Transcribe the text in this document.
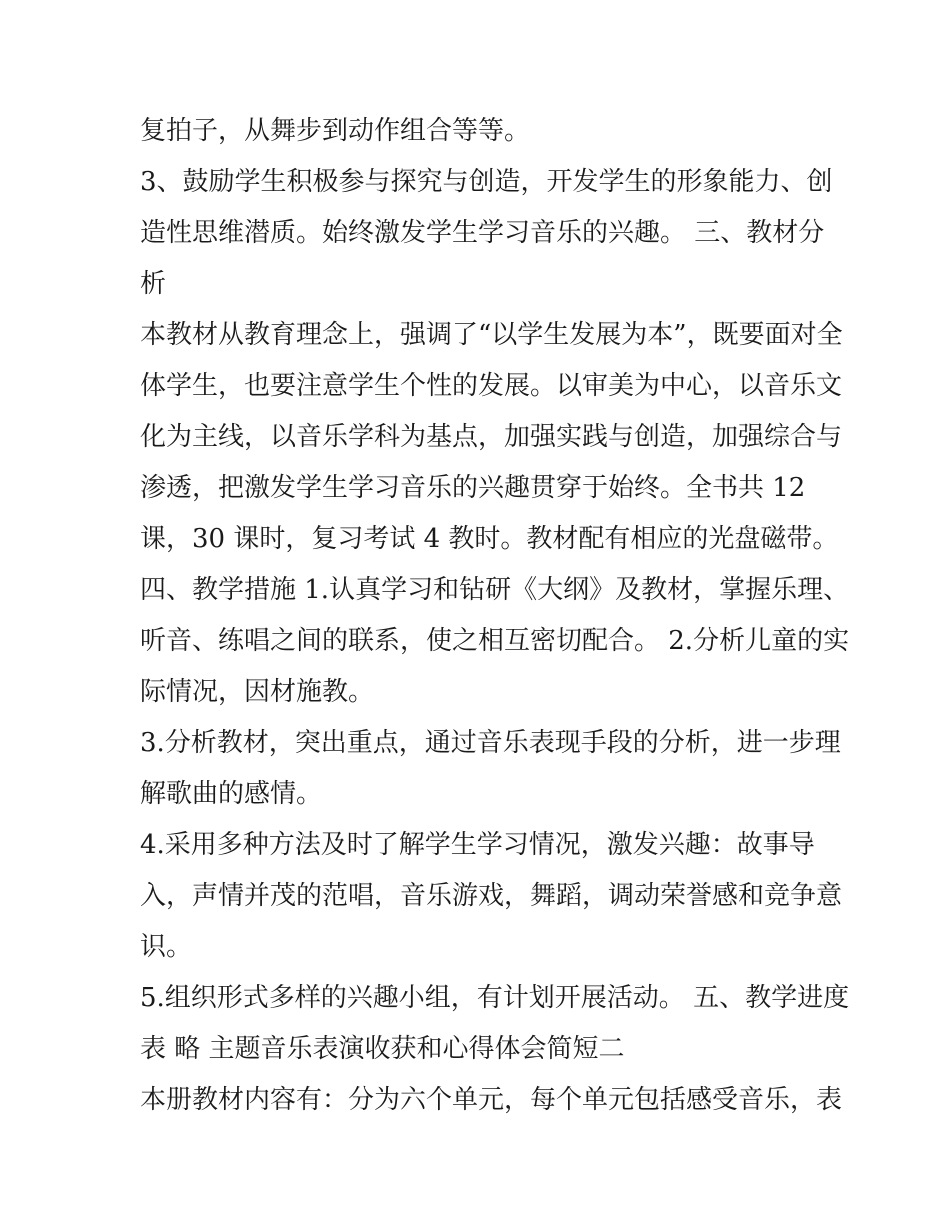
复拍子，从舞步到动作组合等等。
3、鼓励学生积极参与探究与创造，开发学生的形象能力、创
造性思维潜质。始终激发学生学习音乐的兴趣。 三、教材分
析
本教材从教育理念上，强调了“以学生发展为本”，既要面对全
体学生，也要注意学生个性的发展。以审美为中心，以音乐文
化为主线，以音乐学科为基点，加强实践与创造，加强综合与
渗透，把激发学生学习音乐的兴趣贯穿于始终。全书共 12
课，30 课时，复习考试 4 教时。教材配有相应的光盘磁带。
四、教学措施 1.认真学习和钻研《大纲》及教材，掌握乐理、
听音、练唱之间的联系，使之相互密切配合。 2.分析儿童的实
际情况，因材施教。
3.分析教材，突出重点，通过音乐表现手段的分析，进一步理
解歌曲的感情。
4.采用多种方法及时了解学生学习情况，激发兴趣：故事导
入，声情并茂的范唱，音乐游戏，舞蹈，调动荣誉感和竞争意
识。
5.组织形式多样的兴趣小组，有计划开展活动。 五、教学进度
表 略 主题音乐表演收获和心得体会简短二
本册教材内容有：分为六个单元，每个单元包括感受音乐，表
